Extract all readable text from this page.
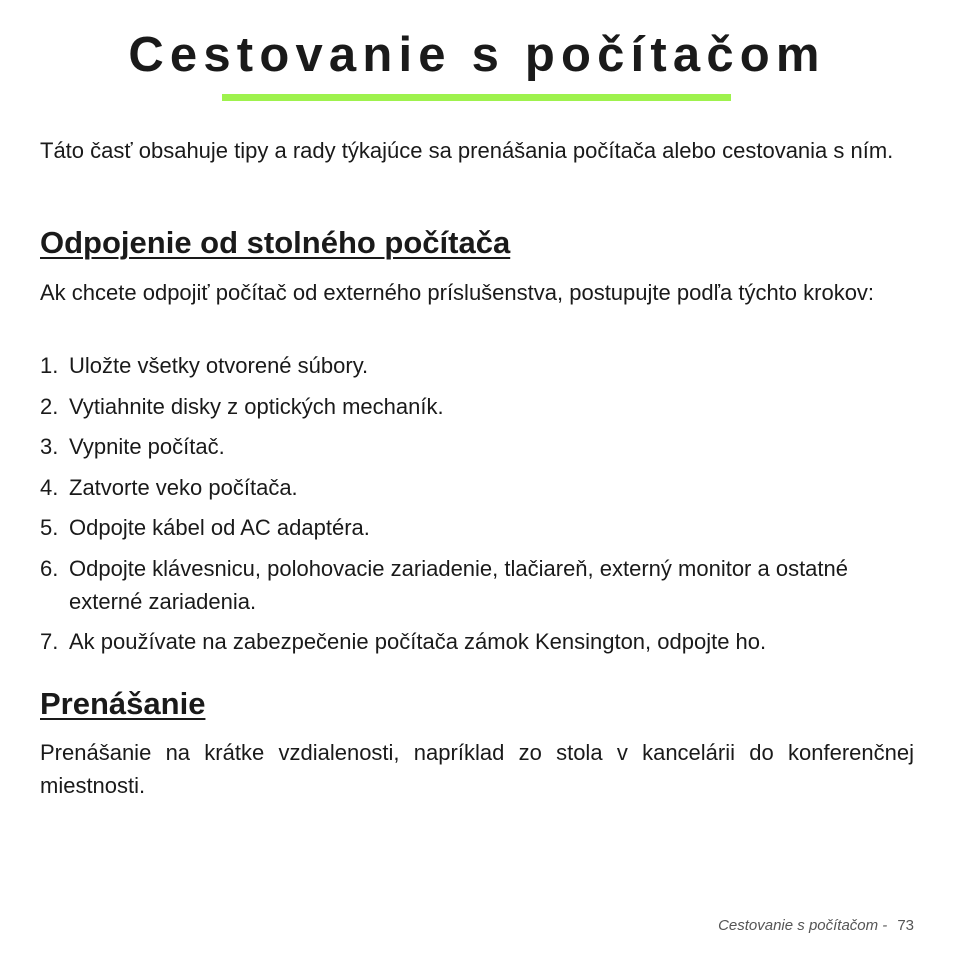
Cestovanie s počítačom

Táto časť obsahuje tipy a rady týkajúce sa prenášania počítača alebo cestovania s ním.

Odpojenie od stolného počítača

Ak chcete odpojiť počítač od externého príslušenstva, postupujte podľa týchto krokov:

1. Uložte všetky otvorené súbory.
2. Vytiahnite disky z optických mechaník.
3. Vypnite počítač.
4. Zatvorte veko počítača.
5. Odpojte kábel od AC adaptéra.
6. Odpojte klávesnicu, polohovacie zariadenie, tlačiareň, externý monitor a ostatné externé zariadenia.
7. Ak používate na zabezpečenie počítača zámok Kensington, odpojte ho.
Prenášanie

Prenášanie na krátke vzdialenosti, napríklad zo stola v kancelárii do konferenčnej miestnosti.

Cestovanie s počítačom - 73
